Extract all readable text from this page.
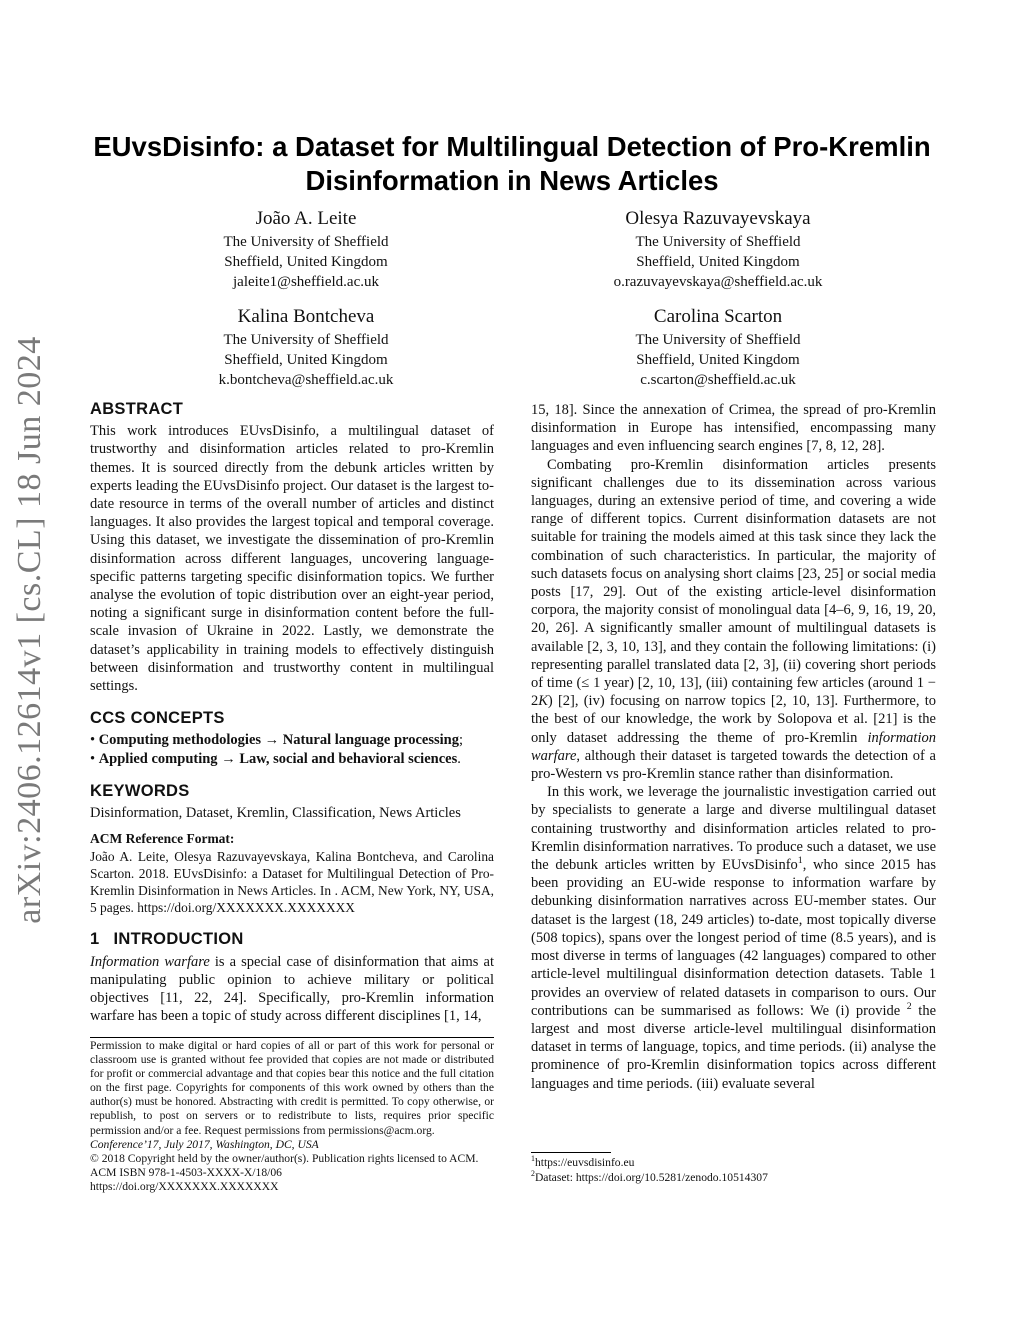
arXiv:2406.12614v1 [cs.CL] 18 Jun 2024
EUvsDisinfo: a Dataset for Multilingual Detection of Pro-Kremlin
Disinformation in News Articles
João A. Leite
The University of Sheffield
Sheffield, United Kingdom
jaleite1@sheffield.ac.uk
Olesya Razuvayevskaya
The University of Sheffield
Sheffield, United Kingdom
o.razuvayevskaya@sheffield.ac.uk
Kalina Bontcheva
The University of Sheffield
Sheffield, United Kingdom
k.bontcheva@sheffield.ac.uk
Carolina Scarton
The University of Sheffield
Sheffield, United Kingdom
c.scarton@sheffield.ac.uk

ABSTRACT

This work introduces EUvsDisinfo, a multilingual dataset of trustworthy and disinformation articles related to pro-Kremlin themes. It is sourced directly from the debunk articles written by experts leading the EUvsDisinfo project. Our dataset is the largest to-date resource in terms of the overall number of articles and distinct languages. It also provides the largest topical and temporal coverage. Using this dataset, we investigate the dissemination of pro-Kremlin disinformation across different languages, uncovering language-specific patterns targeting specific disinformation topics. We further analyse the evolution of topic distribution over an eight-year period, noting a significant surge in disinformation content before the full-scale invasion of Ukraine in 2022. Lastly, we demonstrate the dataset’s applicability in training models to effectively distinguish between disinformation and trustworthy content in multilingual settings.

CCS CONCEPTS

• Computing methodologies → Natural language processing;

• Applied computing → Law, social and behavioral sciences.

KEYWORDS

Disinformation, Dataset, Kremlin, Classification, News Articles

ACM Reference Format:

João A. Leite, Olesya Razuvayevskaya, Kalina Bontcheva, and Carolina Scarton. 2018. EUvsDisinfo: a Dataset for Multilingual Detection of Pro-Kremlin Disinformation in News Articles. In . ACM, New York, NY, USA, 5 pages. https://doi.org/XXXXXXX.XXXXXXX

1 INTRODUCTION

Information warfare is a special case of disinformation that aims at manipulating public opinion to achieve military or political objectives [11, 22, 24]. Specifically, pro-Kremlin information warfare has been a topic of study across different disciplines [1, 14,

Permission to make digital or hard copies of all or part of this work for personal or classroom use is granted without fee provided that copies are not made or distributed for profit or commercial advantage and that copies bear this notice and the full citation on the first page. Copyrights for components of this work owned by others than the author(s) must be honored. Abstracting with credit is permitted. To copy otherwise, or republish, to post on servers or to redistribute to lists, requires prior specific permission and/or a fee. Request permissions from permissions@acm.org.

Conference’17, July 2017, Washington, DC, USA

© 2018 Copyright held by the owner/author(s). Publication rights licensed to ACM.

ACM ISBN 978-1-4503-XXXX-X/18/06

https://doi.org/XXXXXXX.XXXXXXX

$^1$https://euvsdisinfo.eu

$^2$Dataset: https://doi.org/10.5281/zenodo.10514307

15, 18]. Since the annexation of Crimea, the spread of pro-Kremlin disinformation in Europe has intensified, encompassing many languages and even influencing search engines [7, 8, 12, 28].

Combating pro-Kremlin disinformation articles presents significant challenges due to its dissemination across various languages, during an extensive period of time, and covering a wide range of different topics. Current disinformation datasets are not suitable for training the models aimed at this task since they lack the combination of such characteristics. In particular, the majority of such datasets focus on analysing short claims [23, 25] or social media posts [17, 29]. Out of the existing article-level disinformation corpora, the majority consist of monolingual data [4–6, 9, 16, 19, 20, 20, 26]. A significantly smaller amount of multilingual datasets is available [2, 3, 10, 13], and they contain the following limitations: (i) representing parallel translated data [2, 3], (ii) covering short periods of time (≤ 1 year) [2, 10, 13], (iii) containing few articles (around 1 − 2K) [2], (iv) focusing on narrow topics [2, 10, 13]. Furthermore, to the best of our knowledge, the work by Solopova et al. [21] is the only dataset addressing the theme of pro-Kremlin information warfare, although their dataset is targeted towards the detection of a pro-Western vs pro-Kremlin stance rather than disinformation.

In this work, we leverage the journalistic investigation carried out by specialists to generate a large and diverse multilingual dataset containing trustworthy and disinformation articles related to pro-Kremlin disinformation narratives. To produce such a dataset, we use the debunk articles written by EUvsDisinfo$^1$, who since 2015 has been providing an EU-wide response to information warfare by debunking disinformation narratives across EU-member states. Our dataset is the largest (18, 249 articles) to-date, most topically diverse (508 topics), spans over the longest period of time (8.5 years), and is most diverse in terms of languages (42 languages) compared to other article-level multilingual disinformation detection datasets. Table 1 provides an overview of related datasets in comparison to ours. Our contributions can be summarised as follows: We (i) provide $^2$ the largest and most diverse article-level multilingual disinformation dataset in terms of language, topics, and time periods. (ii) analyse the prominence of pro-Kremlin disinformation topics across different languages and time periods. (iii) evaluate several
